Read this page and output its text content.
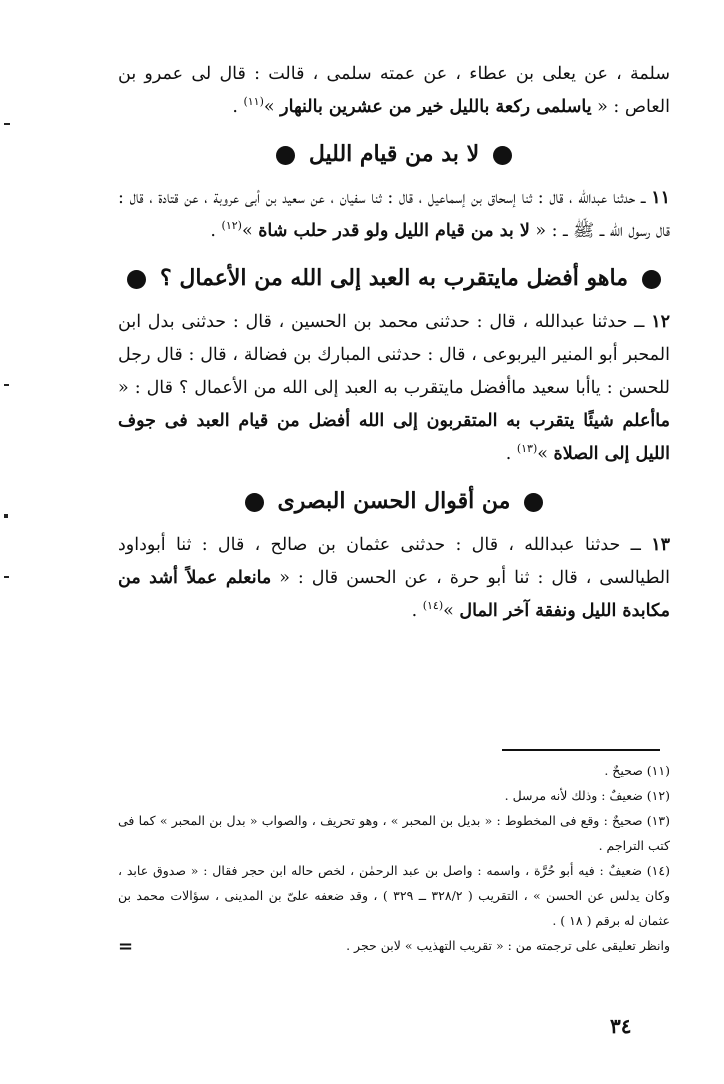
سلمة ، عن يعلى بن عطاء ، عن عمته سلمى ، قالت : قال لى عمرو بن العاص : « ياسلمى ركعة بالليل خير من عشرين بالنهار »$^{(١١)}$ .

لا بد من قيام الليل

١١ ــ حدثنا عبدالله ، قال : ثنا إسحاق بن إسماعيل ، قال : ثنا سفيان ، عن سعيد بن أبى عروبة ، عن قتادة ، قال : قال رسول الله ــ ﷺ ــ : « لا بد من قيام الليل ولو قدر حلب شاة »$^{(١٢)}$ .

ماهو أفضل مايتقرب به العبد إلى الله من الأعمال ؟

١٢ ــ حدثنا عبدالله ، قال : حدثنى محمد بن الحسين ، قال : حدثنى بدل ابن المحبر أبو المنير اليربوعى ، قال : حدثنى المبارك بن فضالة ، قال : قال رجل للحسن : ياأبا سعيد ماأفضل مايتقرب به العبد إلى الله من الأعمال ؟ قال : « ماأعلم شيئًا يتقرب به المتقربون إلى الله أفضل من قيام العبد فى جوف الليل إلى الصلاة »$^{(١٣)}$ .

من أقوال الحسن البصرى

١٣ ــ حدثنا عبدالله ، قال : حدثنى عثمان بن صالح ، قال : ثنا أبوداود الطيالسى ، قال : ثنا أبو حرة ، عن الحسن قال : « مانعلم عملاً أشد من مكابدة الليل ونفقة آخر المال »$^{(١٤)}$ .

(١١) صحيحٌ .

(١٢) ضعيفٌ : وذلك لأنه مرسل .

(١٣) صحيحٌ : وقع فى المخطوط : « بديل بن المحبر » ، وهو تحريف ، والصواب « بدل بن المحبر » كما فى كتب التراجم .

(١٤) ضعيفٌ : فيه أبو حُرَّة ، واسمه : واصل بن عبد الرحمٰن ، لخص حاله ابن حجر فقال : « صدوق عابد ، وكان يدلس عن الحسن » ، التقريب ( ٣٢٨/٢ ــ ٣٢٩ ) ، وقد ضعفه علىّ بن المدينى ، سؤالات محمد بن عثمان له برقم ( ١٨ ) .

وانظر تعليقى على ترجمته من : « تقريب التهذيب » لابن حجر .

=
٣٤
